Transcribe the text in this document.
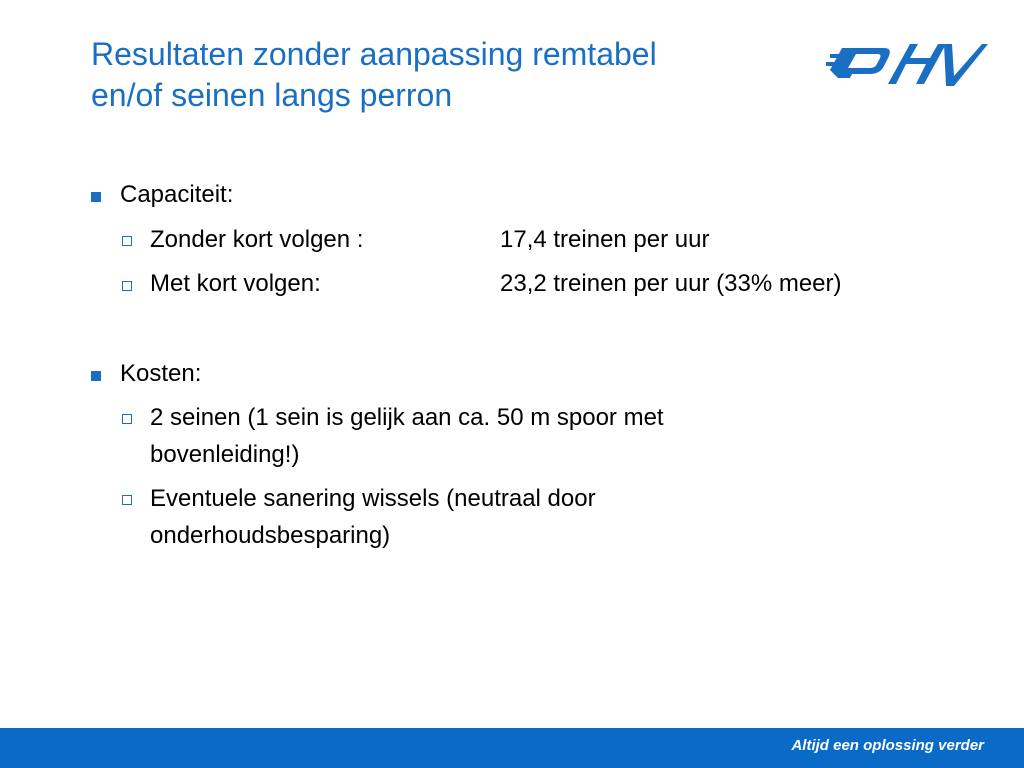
Resultaten zonder aanpassing remtabel
en/of seinen langs perron
Capaciteit:
Zonder kort volgen :	17,4 treinen per uur
Met kort volgen:	23,2 treinen per uur (33% meer)
Kosten:
2 seinen (1 sein is gelijk aan ca. 50 m spoor met
bovenleiding!)
Eventuele sanering wissels (neutraal door
onderhoudsbesparing)
Altijd een oplossing verder
